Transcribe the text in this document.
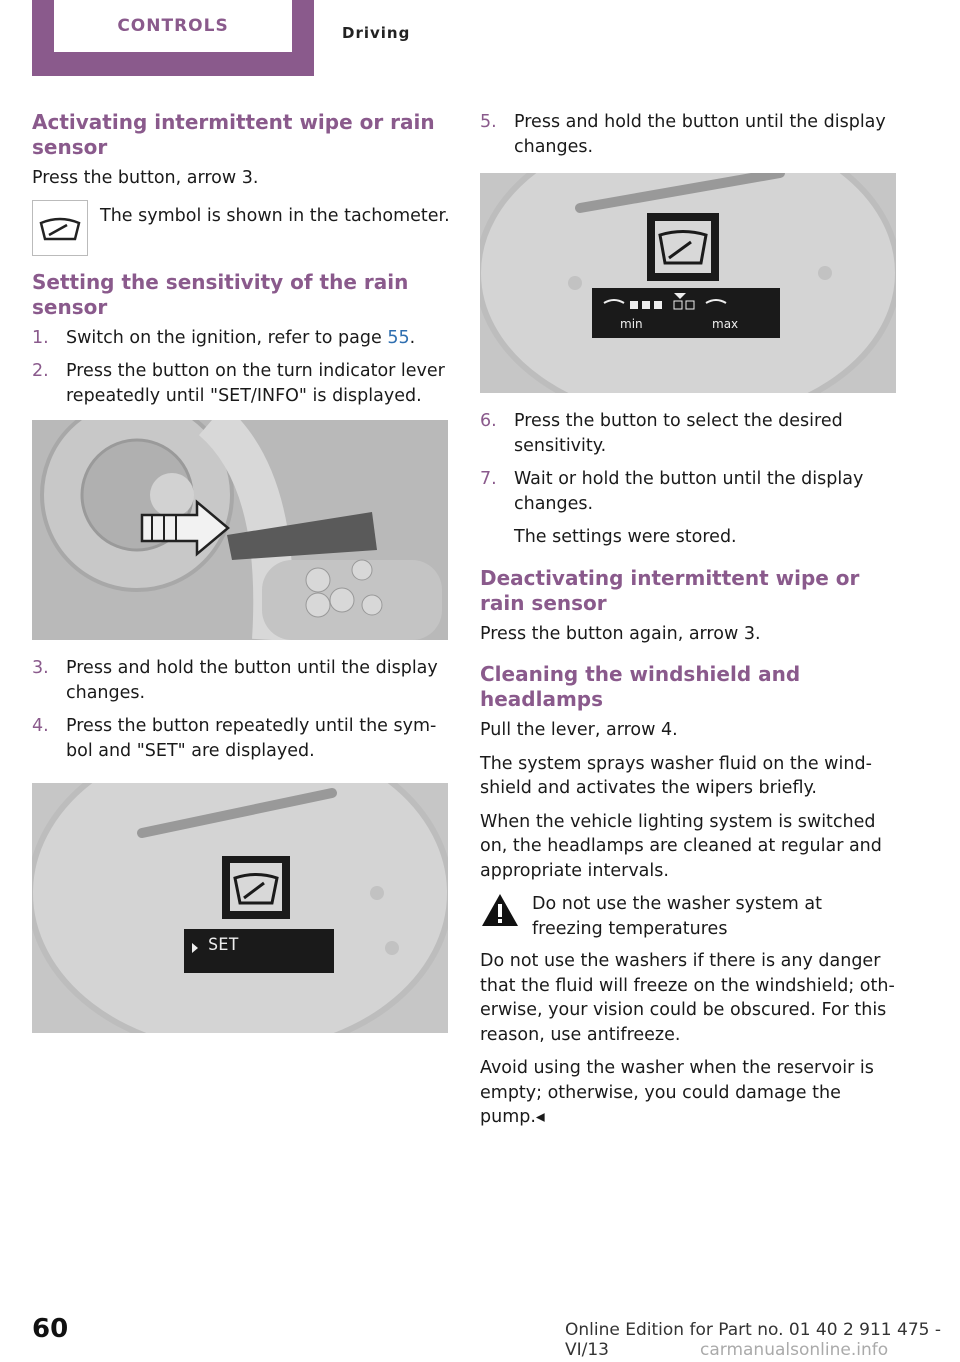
CONTROLS	Driving
Activating intermittent wipe or rain sensor
Press the button, arrow 3.
The symbol is shown in the tachometer.
Setting the sensitivity of the rain sensor
1. Switch on the ignition, refer to page 55.
2. Press the button on the turn indicator lever repeatedly until "SET/INFO" is displayed.
3. Press and hold the button until the display changes.
4. Press the button repeatedly until the symbol and "SET" are displayed.
SET
5. Press and hold the button until the display changes.
min	max
6. Press the button to select the desired sensitivity.
7. Wait or hold the button until the display changes.
The settings were stored.
Deactivating intermittent wipe or rain sensor
Press the button again, arrow 3.
Cleaning the windshield and headlamps
Pull the lever, arrow 4.
The system sprays washer fluid on the windshield and activates the wipers briefly.
When the vehicle lighting system is switched on, the headlamps are cleaned at regular and appropriate intervals.
Do not use the washer system at freezing temperatures
Do not use the washers if there is any danger that the fluid will freeze on the windshield; otherwise, your vision could be obscured. For this reason, use antifreeze.
Avoid using the washer when the reservoir is empty; otherwise, you could damage the pump.◂
60	Online Edition for Part no. 01 40 2 911 475 - VI/13	carmanualsonline.info
